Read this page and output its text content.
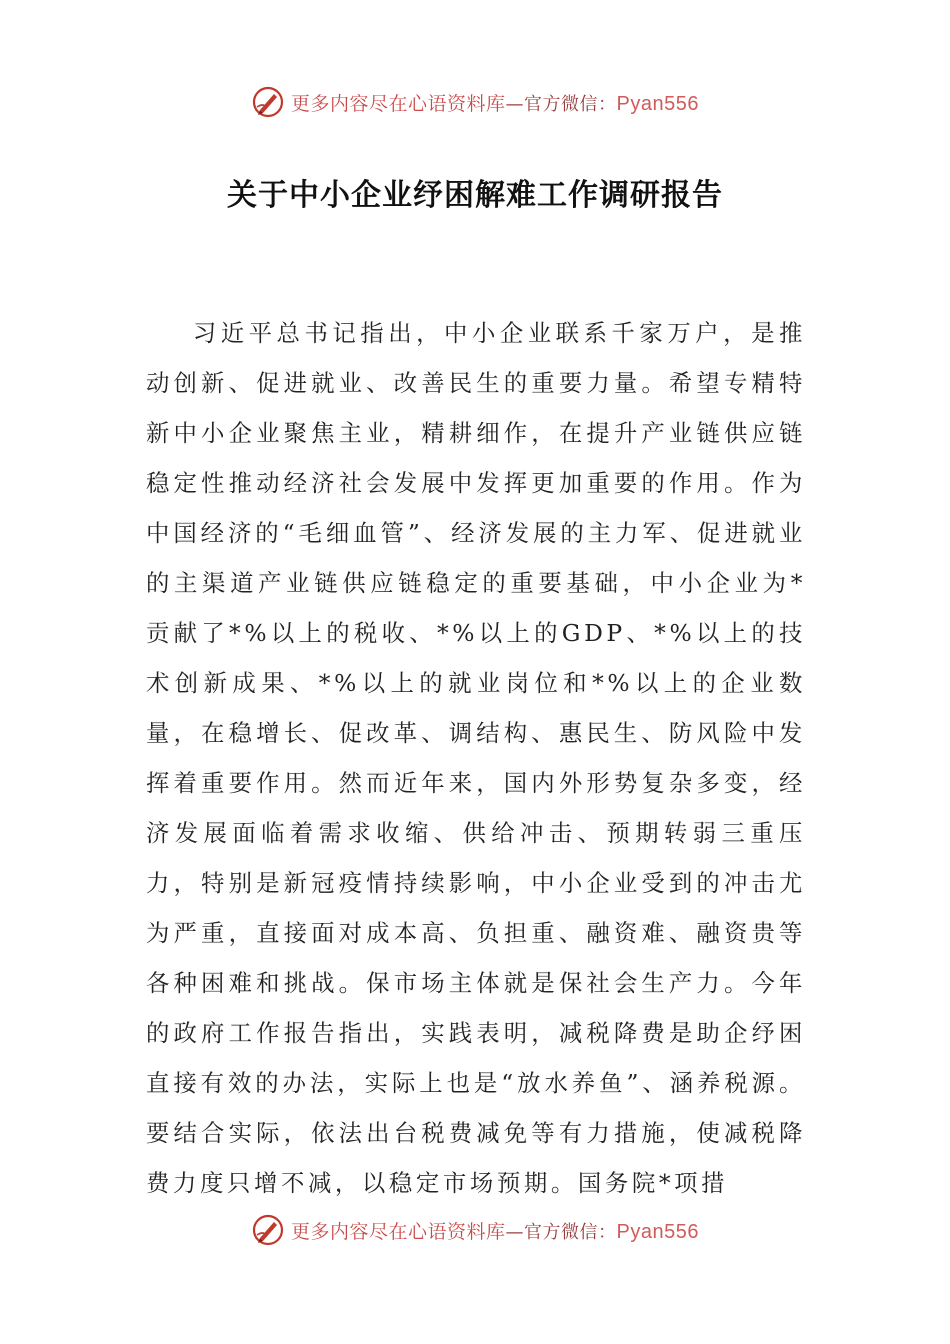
更多内容尽在心语资料库—官方微信：Pyan556
关于中小企业纾困解难工作调研报告

习近平总书记指出，中小企业联系千家万户，是推动创新、促进就业、改善民生的重要力量。希望专精特新中小企业聚焦主业，精耕细作，在提升产业链供应链稳定性推动经济社会发展中发挥更加重要的作用。作为中国经济的“毛细血管”、经济发展的主力军、促进就业的主渠道产业链供应链稳定的重要基础，中小企业为*贡献了*%以上的税收、*%以上的GDP、*%以上的技术创新成果、*%以上的就业岗位和*%以上的企业数量，在稳增长、促改革、调结构、惠民生、防风险中发挥着重要作用。然而近年来，国内外形势复杂多变，经济发展面临着需求收缩、供给冲击、预期转弱三重压力，特别是新冠疫情持续影响，中小企业受到的冲击尤为严重，直接面对成本高、负担重、融资难、融资贵等各种困难和挑战。保市场主体就是保社会生产力。今年的政府工作报告指出，实践表明，减税降费是助企纾困直接有效的办法，实际上也是“放水养鱼”、涵养税源。要结合实际，依法出台税费减免等有力措施，使减税降费力度只增不减，以稳定市场预期。国务院*项措

更多内容尽在心语资料库—官方微信：Pyan556
